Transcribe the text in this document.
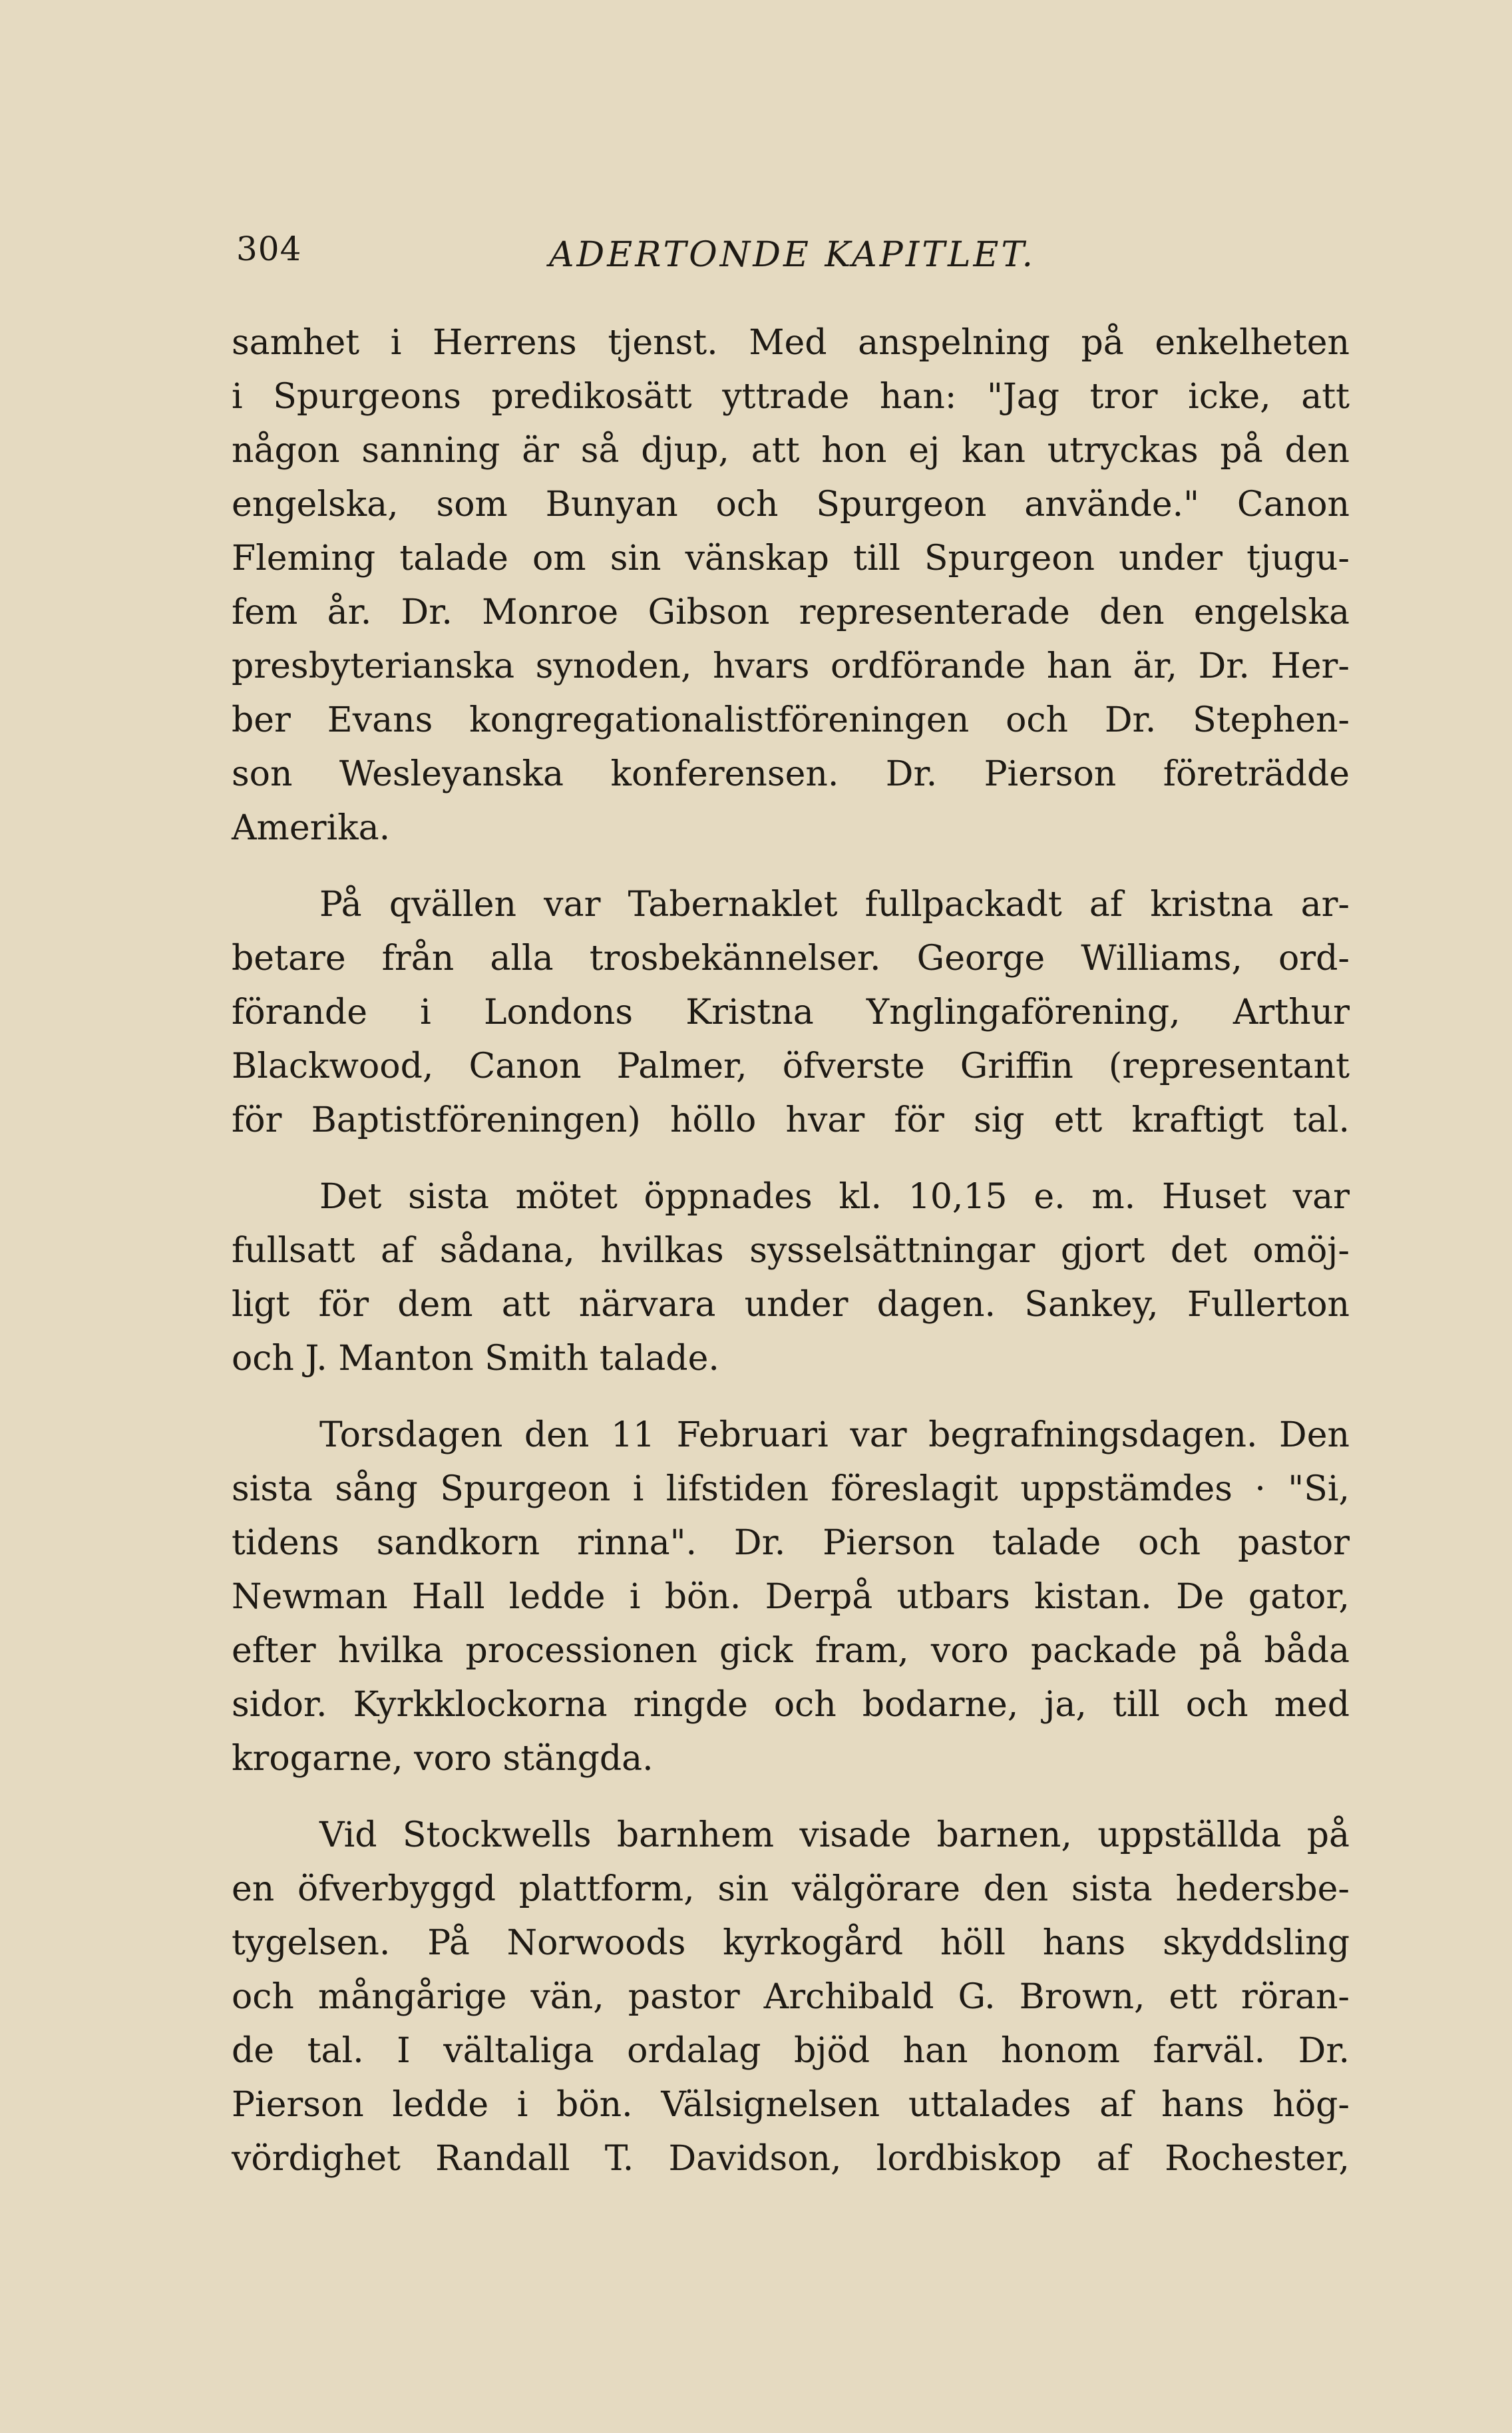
304	ADERTONDE KAPITLET.
samhet i Herrens tjenst. Med anspelning på enkelheten
i Spurgeons predikosätt yttrade han: "Jag tror icke, att
någon sanning är så djup, att hon ej kan utryckas på den
engelska, som Bunyan och Spurgeon använde." Canon
Fleming talade om sin vänskap till Spurgeon under tjugu-
fem år. Dr. Monroe Gibson representerade den engelska
presbyterianska synoden, hvars ordförande han är, Dr. Her-
ber Evans kongregationalistföreningen och Dr. Stephen-
son Wesleyanska konferensen. Dr. Pierson företrädde
Amerika.
På qvällen var Tabernaklet fullpackadt af kristna ar-
betare från alla trosbekännelser. George Williams, ord-
förande i Londons Kristna Ynglingaförening, Arthur
Blackwood, Canon Palmer, öfverste Griffin (representant
för Baptistföreningen) höllo hvar för sig ett kraftigt tal.
Det sista mötet öppnades kl. 10,15 e. m. Huset var
fullsatt af sådana, hvilkas sysselsättningar gjort det omöj-
ligt för dem att närvara under dagen. Sankey, Fullerton
och J. Manton Smith talade.
Torsdagen den 11 Februari var begrafningsdagen. Den
sista sång Spurgeon i lifstiden föreslagit uppstämdes · "Si,
tidens sandkorn rinna". Dr. Pierson talade och pastor
Newman Hall ledde i bön. Derpå utbars kistan. De gator,
efter hvilka processionen gick fram, voro packade på båda
sidor. Kyrkklockorna ringde och bodarne, ja, till och med
krogarne, voro stängda.
Vid Stockwells barnhem visade barnen, uppställda på
en öfverbyggd plattform, sin välgörare den sista hedersbe-
tygelsen. På Norwoods kyrkogård höll hans skyddsling
och mångårige vän, pastor Archibald G. Brown, ett röran-
de tal. I vältaliga ordalag bjöd han honom farväl. Dr.
Pierson ledde i bön. Välsignelsen uttalades af hans hög-
vördighet Randall T. Davidson, lordbiskop af Rochester,
